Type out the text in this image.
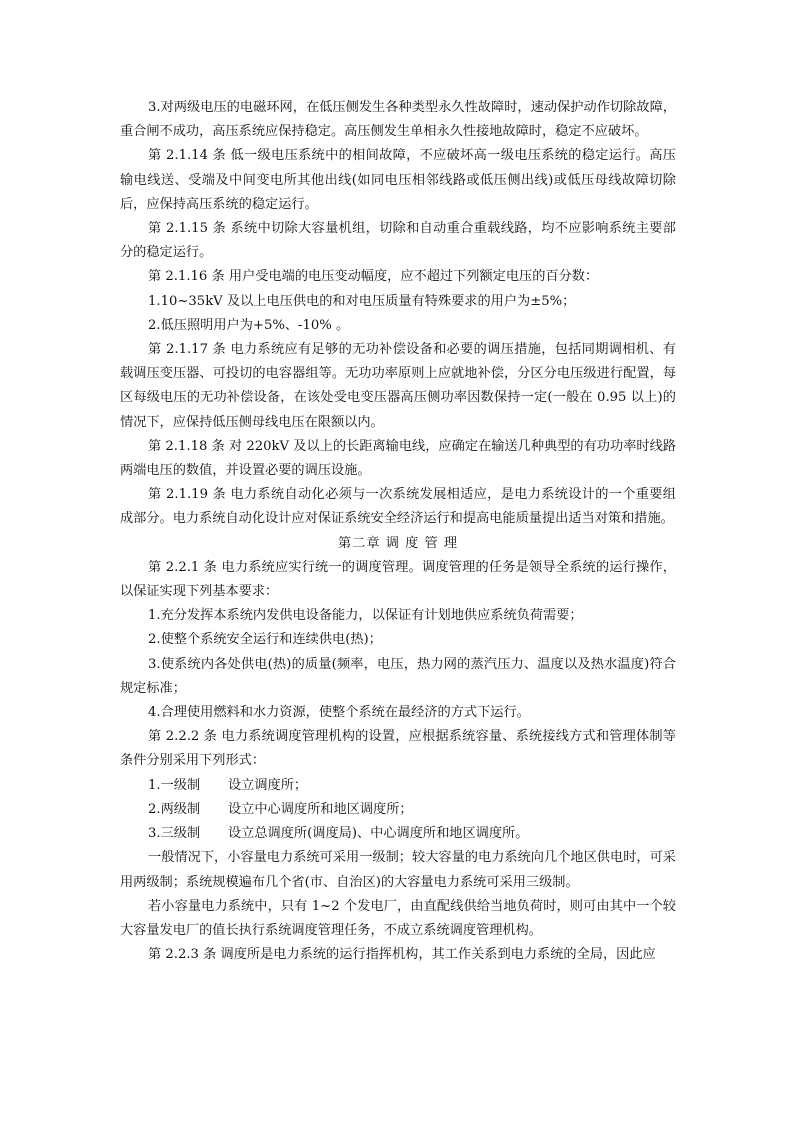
3.对两级电压的电磁环网，在低压侧发生各种类型永久性故障时，速动保护动作切除故障，重合闸不成功，高压系统应保持稳定。高压侧发生单相永久性接地故障时，稳定不应破坏。

第 2.1.14 条 低一级电压系统中的相间故障，不应破坏高一级电压系统的稳定运行。高压输电线送、受端及中间变电所其他出线(如同电压相邻线路或低压侧出线)或低压母线故障切除后，应保持高压系统的稳定运行。

第 2.1.15 条 系统中切除大容量机组，切除和自动重合重载线路，均不应影响系统主要部分的稳定运行。

第 2.1.16 条 用户受电端的电压变动幅度，应不超过下列额定电压的百分数：

1.10~35kV 及以上电压供电的和对电压质量有特殊要求的用户为±5%；

2.低压照明用户为+5%、-10% 。

第 2.1.17 条 电力系统应有足够的无功补偿设备和必要的调压措施，包括同期调相机、有载调压变压器、可投切的电容器组等。无功功率原则上应就地补偿，分区分电压级进行配置，每区每级电压的无功补偿设备，在该处受电变压器高压侧功率因数保持一定(一般在 0.95 以上)的情况下，应保持低压侧母线电压在限额以内。

第 2.1.18 条 对 220kV 及以上的长距离输电线，应确定在输送几种典型的有功功率时线路两端电压的数值，并设置必要的调压设施。

第 2.1.19 条 电力系统自动化必须与一次系统发展相适应，是电力系统设计的一个重要组成部分。电力系统自动化设计应对保证系统安全经济运行和提高电能质量提出适当对策和措施。

第二章 调 度 管 理

第 2.2.1 条 电力系统应实行统一的调度管理。调度管理的任务是领导全系统的运行操作，以保证实现下列基本要求：

1.充分发挥本系统内发供电设备能力，以保证有计划地供应系统负荷需要；

2.使整个系统安全运行和连续供电(热)；

3.使系统内各处供电(热)的质量(频率，电压，热力网的蒸汽压力、温度以及热水温度)符合规定标准；

4.合理使用燃料和水力资源，使整个系统在最经济的方式下运行。

第 2.2.2 条 电力系统调度管理机构的设置，应根据系统容量、系统接线方式和管理体制等条件分别采用下列形式：

1.一级制 设立调度所；

2.两级制 设立中心调度所和地区调度所；

3.三级制 设立总调度所(调度局)、中心调度所和地区调度所。

一般情况下，小容量电力系统可采用一级制；较大容量的电力系统向几个地区供电时，可采用两级制；系统规模遍布几个省(市、自治区)的大容量电力系统可采用三级制。

若小容量电力系统中，只有 1~2 个发电厂，由直配线供给当地负荷时，则可由其中一个较大容量发电厂的值长执行系统调度管理任务，不成立系统调度管理机构。

第 2.2.3 条 调度所是电力系统的运行指挥机构，其工作关系到电力系统的全局，因此应
